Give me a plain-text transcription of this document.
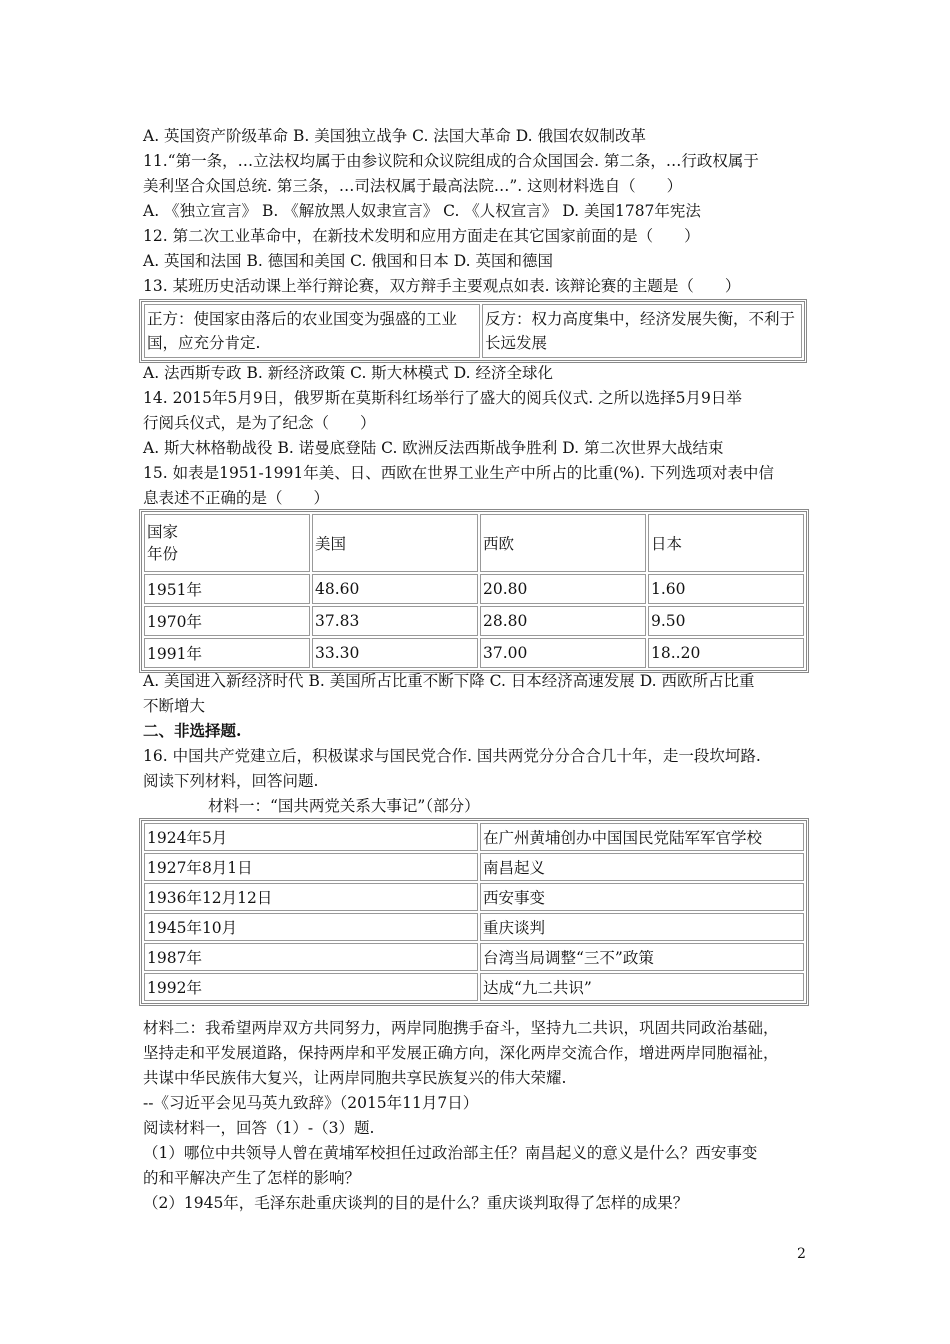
A. 英国资产阶级革命 B. 美国独立战争 C. 法国大革命 D. 俄国农奴制改革
11.“第一条，…立法权均属于由参议院和众议院组成的合众国国会. 第二条，…行政权属于
美利坚合众国总统. 第三条，…司法权属于最高法院…”. 这则材料选自（　　）
A. 《独立宣言》 B. 《解放黑人奴隶宣言》 C. 《人权宣言》 D. 美国1787年宪法
12. 第二次工业革命中，在新技术发明和应用方面走在其它国家前面的是（　　）
A. 英国和法国 B. 德国和美国 C. 俄国和日本 D. 英国和德国
13. 某班历史活动课上举行辩论赛，双方辩手主要观点如表. 该辩论赛的主题是（　　）
正方：使国家由落后的农业国变为强盛的工业国，应充分肯定.	反方：权力高度集中，经济发展失衡，不利于长远发展
A. 法西斯专政 B. 新经济政策 C. 斯大林模式 D. 经济全球化
14. 2015年5月9日，俄罗斯在莫斯科红场举行了盛大的阅兵仪式. 之所以选择5月9日举
行阅兵仪式，是为了纪念（　　）
A. 斯大林格勒战役 B. 诺曼底登陆 C. 欧洲反法西斯战争胜利 D. 第二次世界大战结束
15. 如表是1951-1991年美、日、西欧在世界工业生产中所占的比重(%). 下列选项对表中信
息表述不正确的是（　　）
国家
年份	美国	西欧	日本
1951年	48.60	20.80	1.60
1970年	37.83	28.80	9.50
1991年	33.30	37.00	18..20
A. 美国进入新经济时代 B. 美国所占比重不断下降 C. 日本经济高速发展 D. 西欧所占比重
不断增大
二、非选择题.
16. 中国共产党建立后，积极谋求与国民党合作. 国共两党分分合合几十年，走一段坎坷路.
阅读下列材料，回答问题.
材料一：“国共两党关系大事记”（部分）
1924年5月	在广州黄埔创办中国国民党陆军军官学校
1927年8月1日	南昌起义
1936年12月12日	西安事变
1945年10月	重庆谈判
1987年	台湾当局调整“三不”政策
1992年	达成“九二共识”
材料二：我希望两岸双方共同努力，两岸同胞携手奋斗，坚持九二共识，巩固共同政治基础，
坚持走和平发展道路，保持两岸和平发展正确方向，深化两岸交流合作，增进两岸同胞福祉，
共谋中华民族伟大复兴，让两岸同胞共享民族复兴的伟大荣耀.
--《习近平会见马英九致辞》（2015年11月7日）
阅读材料一，回答（1）-（3）题.
（1）哪位中共领导人曾在黄埔军校担任过政治部主任？南昌起义的意义是什么？西安事变
的和平解决产生了怎样的影响？
（2）1945年，毛泽东赴重庆谈判的目的是什么？重庆谈判取得了怎样的成果？
2
